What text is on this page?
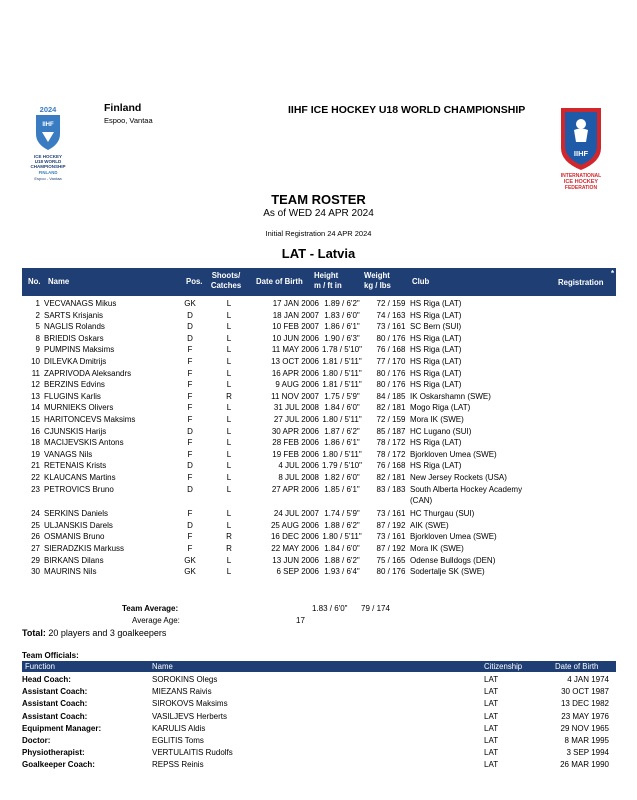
2024
IIHF
ICE HOCKEY
U18 WORLD
CHAMPIONSHIP
FINLAND
Espoo - Vantaa
Finland
Espoo, Vantaa
IIHF ICE HOCKEY U18 WORLD CHAMPIONSHIP
IIHF
INTERNATIONAL
ICE HOCKEY
FEDERATION
TEAM ROSTER
As of WED 24 APR 2024
Initial Registration 24 APR 2024
LAT - Latvia
No. Name	Pos.
Shoots/
Catches	Date of Birth
Height
m / ft in
Weight
kg / lbs	Club	Registration
*
1 VECVANAGS Mikus	GK	L	17 JAN 2006 1.89 / 6'2"	72 / 159 HS Riga (LAT)
2 SARTS Krisjanis	D	L	18 JAN 2007 1.83 / 6'0"	74 / 163 HS Riga (LAT)
5 NAGLIS Rolands	D	L	10 FEB 2007 1.86 / 6'1"	73 / 161 SC Bern (SUI)
8 BRIEDIS Oskars	D	L	10 JUN 2006 1.90 / 6'3"	80 / 176 HS Riga (LAT)
9 PUMPINS Maksims	F	L	11 MAY 2006 1.78 / 5'10"	76 / 168 HS Riga (LAT)
10 DILEVKA Dmitrijs	F	L	13 OCT 2006 1.81 / 5'11"	77 / 170 HS Riga (LAT)
11 ZAPRIVODA Aleksandrs	F	L	16 APR 2006 1.80 / 5'11"	80 / 176 HS Riga (LAT)
12 BERZINS Edvins	F	L	9 AUG 2006 1.81 / 5'11"	80 / 176 HS Riga (LAT)
13 FLUGINS Karlis	F	R	11 NOV 2007 1.75 / 5'9"	84 / 185 IK Oskarshamn (SWE)
14 MURNIEKS Olivers	F	L	31 JUL 2008 1.84 / 6'0"	82 / 181 Mogo Riga (LAT)
15 HARITONCEVS Maksims	F	L	27 JUL 2006 1.80 / 5'11"	72 / 159 Mora IK (SWE)
16 CJUNSKIS Harijs	D	L	30 APR 2006 1.87 / 6'2"	85 / 187 HC Lugano (SUI)
18 MACIJEVSKIS Antons	F	L	28 FEB 2006 1.86 / 6'1"	78 / 172 HS Riga (LAT)
19 VANAGS Nils	F	L	19 FEB 2006 1.80 / 5'11"	78 / 172 Bjorkloven Umea (SWE)
21 RETENAIS Krists	D	L	4 JUL 2006 1.79 / 5'10"	76 / 168 HS Riga (LAT)
22 KLAUCANS Martins	F	L	8 JUL 2008 1.82 / 6'0"	82 / 181 New Jersey Rockets (USA)
23 PETROVICS Bruno	D	L	27 APR 2006 1.85 / 6'1"	83 / 183 South Alberta Hockey Academy
(CAN)
24 SERKINS Daniels	F	L	24 JUL 2007 1.74 / 5'9"	73 / 161 HC Thurgau (SUI)
25 ULJANSKIS Darels	D	L	25 AUG 2006 1.88 / 6'2"	87 / 192 AIK (SWE)
26 OSMANIS Bruno	F	R	16 DEC 2006 1.80 / 5'11"	73 / 161 Bjorkloven Umea (SWE)
27 SIERADZKIS Markuss	F	R	22 MAY 2006 1.84 / 6'0"	87 / 192 Mora IK (SWE)
29 BIRKANS Dilans	GK	L	13 JUN 2006 1.88 / 6'2"	75 / 165 Odense Bulldogs (DEN)
30 MAURINS Nils	GK	L	6 SEP 2006 1.93 / 6'4"	80 / 176 Sodertalje SK (SWE)
Team Average:	1.83 / 6'0" 79 / 174
Average Age:	17
Total: 20 players and 3 goalkeepers
Team Officials:
Function	Name	Citizenship	Date of Birth
Head Coach:	SOROKINS Olegs	LAT	4 JAN 1974
Assistant Coach:	MIEZANS Raivis	LAT	30 OCT 1987
Assistant Coach:	SIROKOVS Maksims	LAT	13 DEC 1982
Assistant Coach:	VASILJEVS Herberts	LAT	23 MAY 1976
Equipment Manager:	KARULIS Aldis	LAT	29 NOV 1965
Doctor:	EGLITIS Toms	LAT	8 MAR 1995
Physiotherapist:	VERTULAITIS Rudolfs	LAT	3 SEP 1994
Goalkeeper Coach:	REPSS Reinis	LAT	26 MAR 1990
